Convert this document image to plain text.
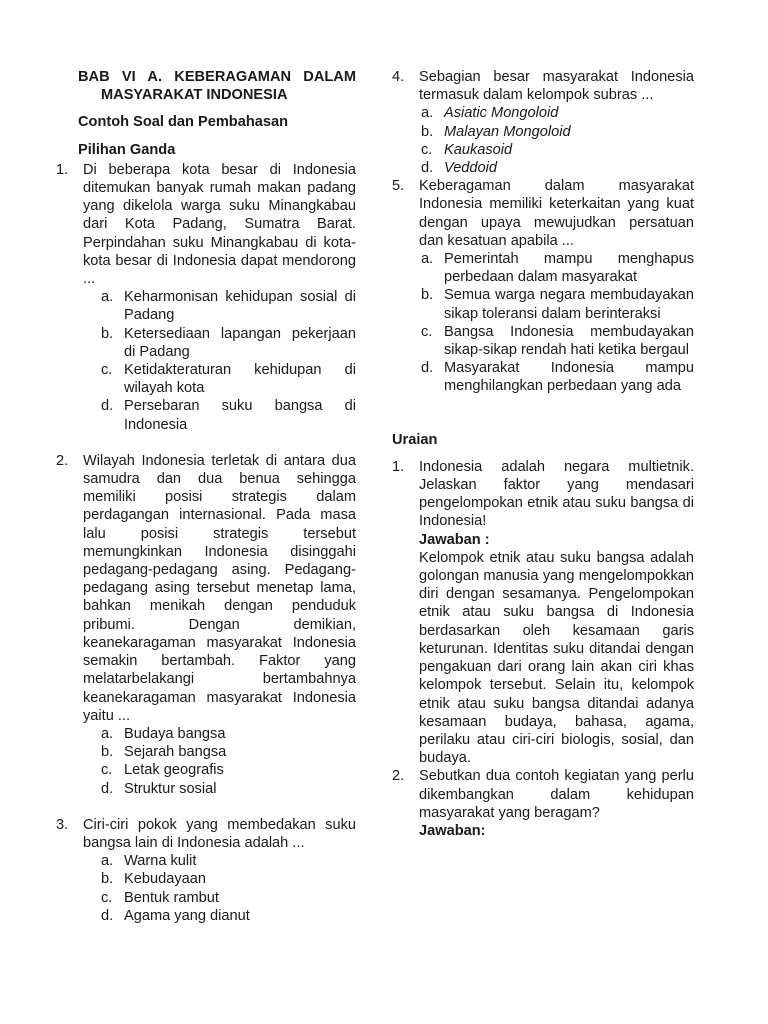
BAB VI A. KEBERAGAMAN DALAM
MASYARAKAT INDONESIA
Contoh Soal dan Pembahasan
Pilihan Ganda
1. Di beberapa kota besar di Indonesia ditemukan banyak rumah makan padang yang dikelola warga suku Minangkabau dari Kota Padang, Sumatra Barat. Perpindahan suku Minangkabau di kota-kota besar di Indonesia dapat mendorong ...
a. Keharmonisan kehidupan sosial di Padang
b. Ketersediaan lapangan pekerjaan di Padang
c. Ketidakteraturan kehidupan di wilayah kota
d. Persebaran suku bangsa di Indonesia
2. Wilayah Indonesia terletak di antara dua samudra dan dua benua sehingga memiliki posisi strategis dalam perdagangan internasional. Pada masa lalu posisi strategis tersebut memungkinkan Indonesia disinggahi pedagang-pedagang asing. Pedagang-pedagang asing tersebut menetap lama, bahkan menikah dengan penduduk pribumi. Dengan demikian, keanekaragaman masyarakat Indonesia semakin bertambah. Faktor yang melatarbelakangi bertambahnya keanekaragaman masyarakat Indonesia yaitu ...
a. Budaya bangsa
b. Sejarah bangsa
c. Letak geografis
d. Struktur sosial
3. Ciri-ciri pokok yang membedakan suku bangsa lain di Indonesia adalah ...
a. Warna kulit
b. Kebudayaan
c. Bentuk rambut
d. Agama yang dianut
4. Sebagian besar masyarakat Indonesia termasuk dalam kelompok subras ...
a. Asiatic Mongoloid
b. Malayan Mongoloid
c. Kaukasoid
d. Veddoid
5. Keberagaman dalam masyarakat Indonesia memiliki keterkaitan yang kuat dengan upaya mewujudkan persatuan dan kesatuan apabila ...
a. Pemerintah mampu menghapus perbedaan dalam masyarakat
b. Semua warga negara membudayakan sikap toleransi dalam berinteraksi
c. Bangsa Indonesia membudayakan sikap-sikap rendah hati ketika bergaul
d. Masyarakat Indonesia mampu menghilangkan perbedaan yang ada
Uraian
1. Indonesia adalah negara multietnik. Jelaskan faktor yang mendasari pengelompokan etnik atau suku bangsa di Indonesia!
Jawaban :
Kelompok etnik atau suku bangsa adalah golongan manusia yang mengelompokkan diri dengan sesamanya. Pengelompokan etnik atau suku bangsa di Indonesia berdasarkan oleh kesamaan garis keturunan. Identitas suku ditandai dengan pengakuan dari orang lain akan ciri khas kelompok tersebut. Selain itu, kelompok etnik atau suku bangsa ditandai adanya kesamaan budaya, bahasa, agama, perilaku atau ciri-ciri biologis, sosial, dan budaya.
2. Sebutkan dua contoh kegiatan yang perlu dikembangkan dalam kehidupan masyarakat yang beragam?
Jawaban:
